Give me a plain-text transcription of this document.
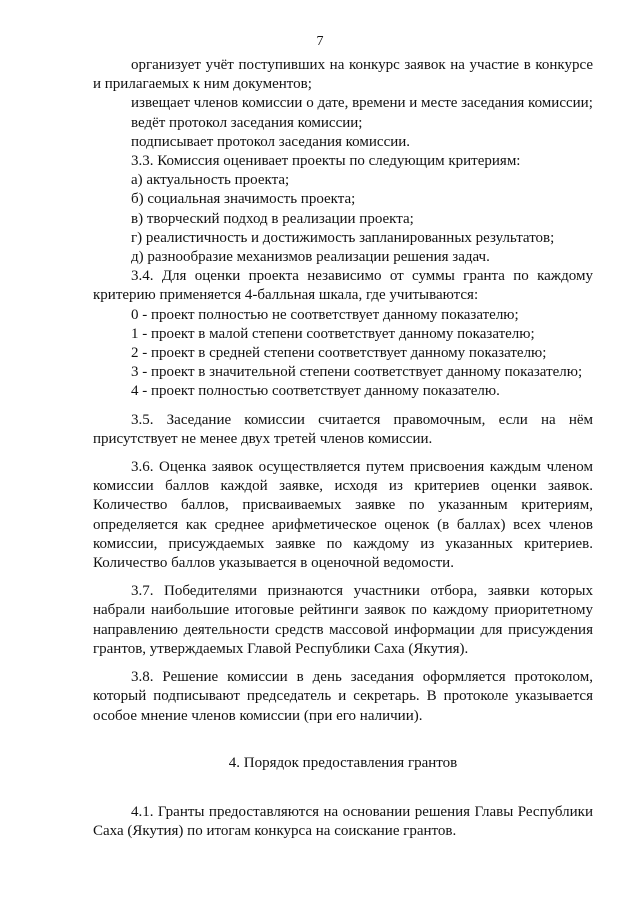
7

организует учёт поступивших на конкурс заявок на участие в конкурсе и прилагаемых к ним документов;

извещает членов комиссии о дате, времени и месте заседания комиссии;

ведёт протокол заседания комиссии;

подписывает протокол заседания комиссии.

3.3. Комиссия оценивает проекты по следующим критериям:

а) актуальность проекта;

б) социальная значимость проекта;

в) творческий подход в реализации проекта;

г) реалистичность и достижимость запланированных результатов;

д) разнообразие механизмов реализации решения задач.

3.4. Для оценки проекта независимо от суммы гранта по каждому критерию применяется 4-балльная шкала, где учитываются:

0 - проект полностью не соответствует данному показателю;

1 - проект в малой степени соответствует данному показателю;

2 - проект в средней степени соответствует данному показателю;

3 - проект в значительной степени соответствует данному показателю;

4 - проект полностью соответствует данному показателю.

3.5. Заседание комиссии считается правомочным, если на нём присутствует не менее двух третей членов комиссии.

3.6. Оценка заявок осуществляется путем присвоения каждым членом комиссии баллов каждой заявке, исходя из критериев оценки заявок. Количество баллов, присваиваемых заявке по указанным критериям, определяется как среднее арифметическое оценок (в баллах) всех членов комиссии, присуждаемых заявке по каждому из указанных критериев. Количество баллов указывается в оценочной ведомости.

3.7. Победителями признаются участники отбора, заявки которых набрали наибольшие итоговые рейтинги заявок по каждому приоритетному направлению деятельности средств массовой информации для присуждения грантов, утверждаемых Главой Республики Саха (Якутия).

3.8. Решение комиссии в день заседания оформляется протоколом, который подписывают председатель и секретарь. В протоколе указывается особое мнение членов комиссии (при его наличии).

4. Порядок предоставления грантов

4.1. Гранты предоставляются на основании решения Главы Республики Саха (Якутия) по итогам конкурса на соискание грантов.
